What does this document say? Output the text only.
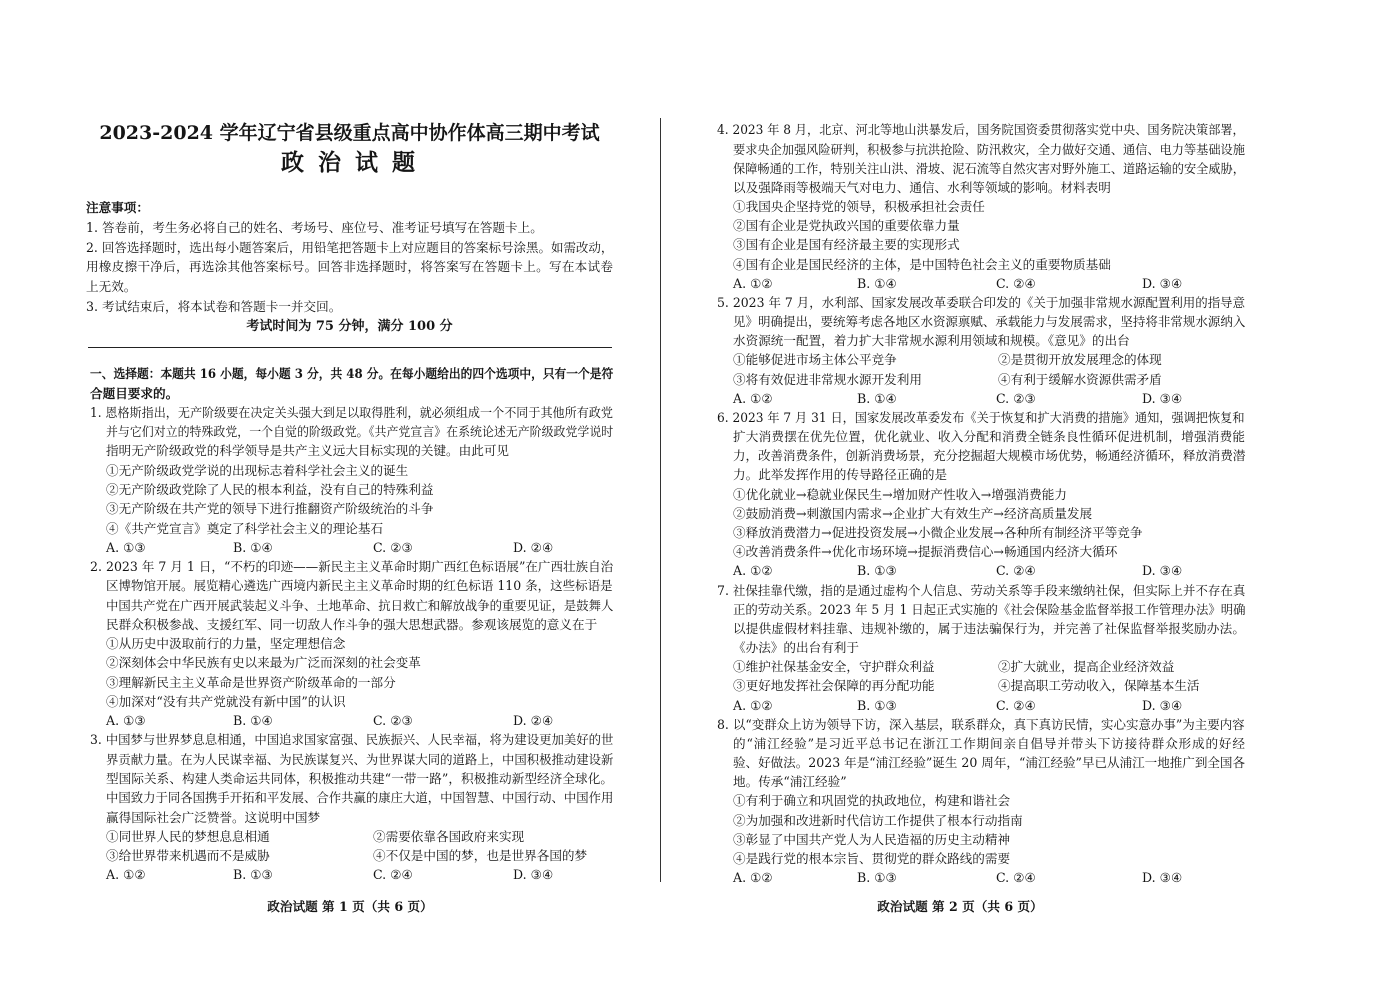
2023-2024 学年辽宁省县级重点高中协作体高三期中考试
政 治 试 题
注意事项：
1. 答卷前，考生务必将自己的姓名、考场号、座位号、准考证号填写在答题卡上。
2. 回答选择题时，选出每小题答案后，用铅笔把答题卡上对应题目的答案标号涂黑。如需改动，
用橡皮擦干净后，再选涂其他答案标号。回答非选择题时，将答案写在答题卡上。写在本试卷
上无效。
3. 考试结束后，将本试卷和答题卡一并交回。
考试时间为 75 分钟，满分 100 分
一、选择题：本题共 16 小题，每小题 3 分，共 48 分。在每小题给出的四个选项中，只有一个是符
合题目要求的。
1. 恩格斯指出，无产阶级要在决定关头强大到足以取得胜利，就必须组成一个不同于其他所有政党
并与它们对立的特殊政党，一个自觉的阶级政党。《共产党宣言》在系统论述无产阶级政党学说时
指明无产阶级政党的科学领导是共产主义远大目标实现的关键。由此可见
①无产阶级政党学说的出现标志着科学社会主义的诞生
②无产阶级政党除了人民的根本利益，没有自己的特殊利益
③无产阶级在共产党的领导下进行推翻资产阶级统治的斗争
④《共产党宣言》奠定了科学社会主义的理论基石
A. ①③	B. ①④	C. ②③	D. ②④
2. 2023 年 7 月 1 日，“不朽的印迹——新民主主义革命时期广西红色标语展”在广西壮族自治
区博物馆开展。展览精心遴选广西境内新民主主义革命时期的红色标语 110 条，这些标语是
中国共产党在广西开展武装起义斗争、土地革命、抗日救亡和解放战争的重要见证，是鼓舞人
民群众积极参战、支援红军、同一切敌人作斗争的强大思想武器。参观该展览的意义在于
①从历史中汲取前行的力量，坚定理想信念
②深刻体会中华民族有史以来最为广泛而深刻的社会变革
③理解新民主主义革命是世界资产阶级革命的一部分
④加深对“没有共产党就没有新中国”的认识
A. ①③	B. ①④	C. ②③	D. ②④
3. 中国梦与世界梦息息相通，中国追求国家富强、民族振兴、人民幸福，将为建设更加美好的世
界贡献力量。在为人民谋幸福、为民族谋复兴、为世界谋大同的道路上，中国积极推动建设新
型国际关系、构建人类命运共同体，积极推动共建“一带一路”，积极推动新型经济全球化。
中国致力于同各国携手开拓和平发展、合作共赢的康庄大道，中国智慧、中国行动、中国作用
赢得国际社会广泛赞誉。这说明中国梦
①同世界人民的梦想息息相通	②需要依靠各国政府来实现
③给世界带来机遇而不是威胁	④不仅是中国的梦，也是世界各国的梦
A. ①②	B. ①③	C. ②④	D. ③④
政治试题 第 1 页（共 6 页）
4. 2023 年 8 月，北京、河北等地山洪暴发后，国务院国资委贯彻落实党中央、国务院决策部署，
要求央企加强风险研判，积极参与抗洪抢险、防汛救灾，全力做好交通、通信、电力等基础设施
保障畅通的工作，特别关注山洪、滑坡、泥石流等自然灾害对野外施工、道路运输的安全威胁，
以及强降雨等极端天气对电力、通信、水利等领域的影响。材料表明
①我国央企坚持党的领导，积极承担社会责任
②国有企业是党执政兴国的重要依靠力量
③国有企业是国有经济最主要的实现形式
④国有企业是国民经济的主体，是中国特色社会主义的重要物质基础
A. ①②	B. ①④	C. ②④	D. ③④
5. 2023 年 7 月，水利部、国家发展改革委联合印发的《关于加强非常规水源配置利用的指导意
见》明确提出，要统筹考虑各地区水资源禀赋、承载能力与发展需求，坚持将非常规水源纳入
水资源统一配置，着力扩大非常规水源利用领域和规模。《意见》的出台
①能够促进市场主体公平竞争	②是贯彻开放发展理念的体现
③将有效促进非常规水源开发利用	④有利于缓解水资源供需矛盾
A. ①②	B. ①④	C. ②③	D. ③④
6. 2023 年 7 月 31 日，国家发展改革委发布《关于恢复和扩大消费的措施》通知，强调把恢复和
扩大消费摆在优先位置，优化就业、收入分配和消费全链条良性循环促进机制，增强消费能
力，改善消费条件，创新消费场景，充分挖掘超大规模市场优势，畅通经济循环，释放消费潜
力。此举发挥作用的传导路径正确的是
①优化就业→稳就业保民生→增加财产性收入→增强消费能力
②鼓励消费→刺激国内需求→企业扩大有效生产→经济高质量发展
③释放消费潜力→促进投资发展→小微企业发展→各种所有制经济平等竞争
④改善消费条件→优化市场环境→提振消费信心→畅通国内经济大循环
A. ①②	B. ①③	C. ②④	D. ③④
7. 社保挂靠代缴，指的是通过虚构个人信息、劳动关系等手段来缴纳社保，但实际上并不存在真
正的劳动关系。2023 年 5 月 1 日起正式实施的《社会保险基金监督举报工作管理办法》明确
以提供虚假材料挂靠、违规补缴的，属于违法骗保行为，并完善了社保监督举报奖励办法。
《办法》的出台有利于
①维护社保基金安全，守护群众利益	②扩大就业，提高企业经济效益
③更好地发挥社会保障的再分配功能	④提高职工劳动收入，保障基本生活
A. ①②	B. ①③	C. ②④	D. ③④
8. 以“变群众上访为领导下访，深入基层，联系群众，真下真访民情，实心实意办事”为主要内容
的“浦江经验”是习近平总书记在浙江工作期间亲自倡导并带头下访接待群众形成的好经
验、好做法。2023 年是“浦江经验”诞生 20 周年，“浦江经验”早已从浦江一地推广到全国各
地。传承“浦江经验”
①有利于确立和巩固党的执政地位，构建和谐社会
②为加强和改进新时代信访工作提供了根本行动指南
③彰显了中国共产党人为人民造福的历史主动精神
④是践行党的根本宗旨、贯彻党的群众路线的需要
A. ①②	B. ①③	C. ②④	D. ③④
政治试题 第 2 页（共 6 页）
